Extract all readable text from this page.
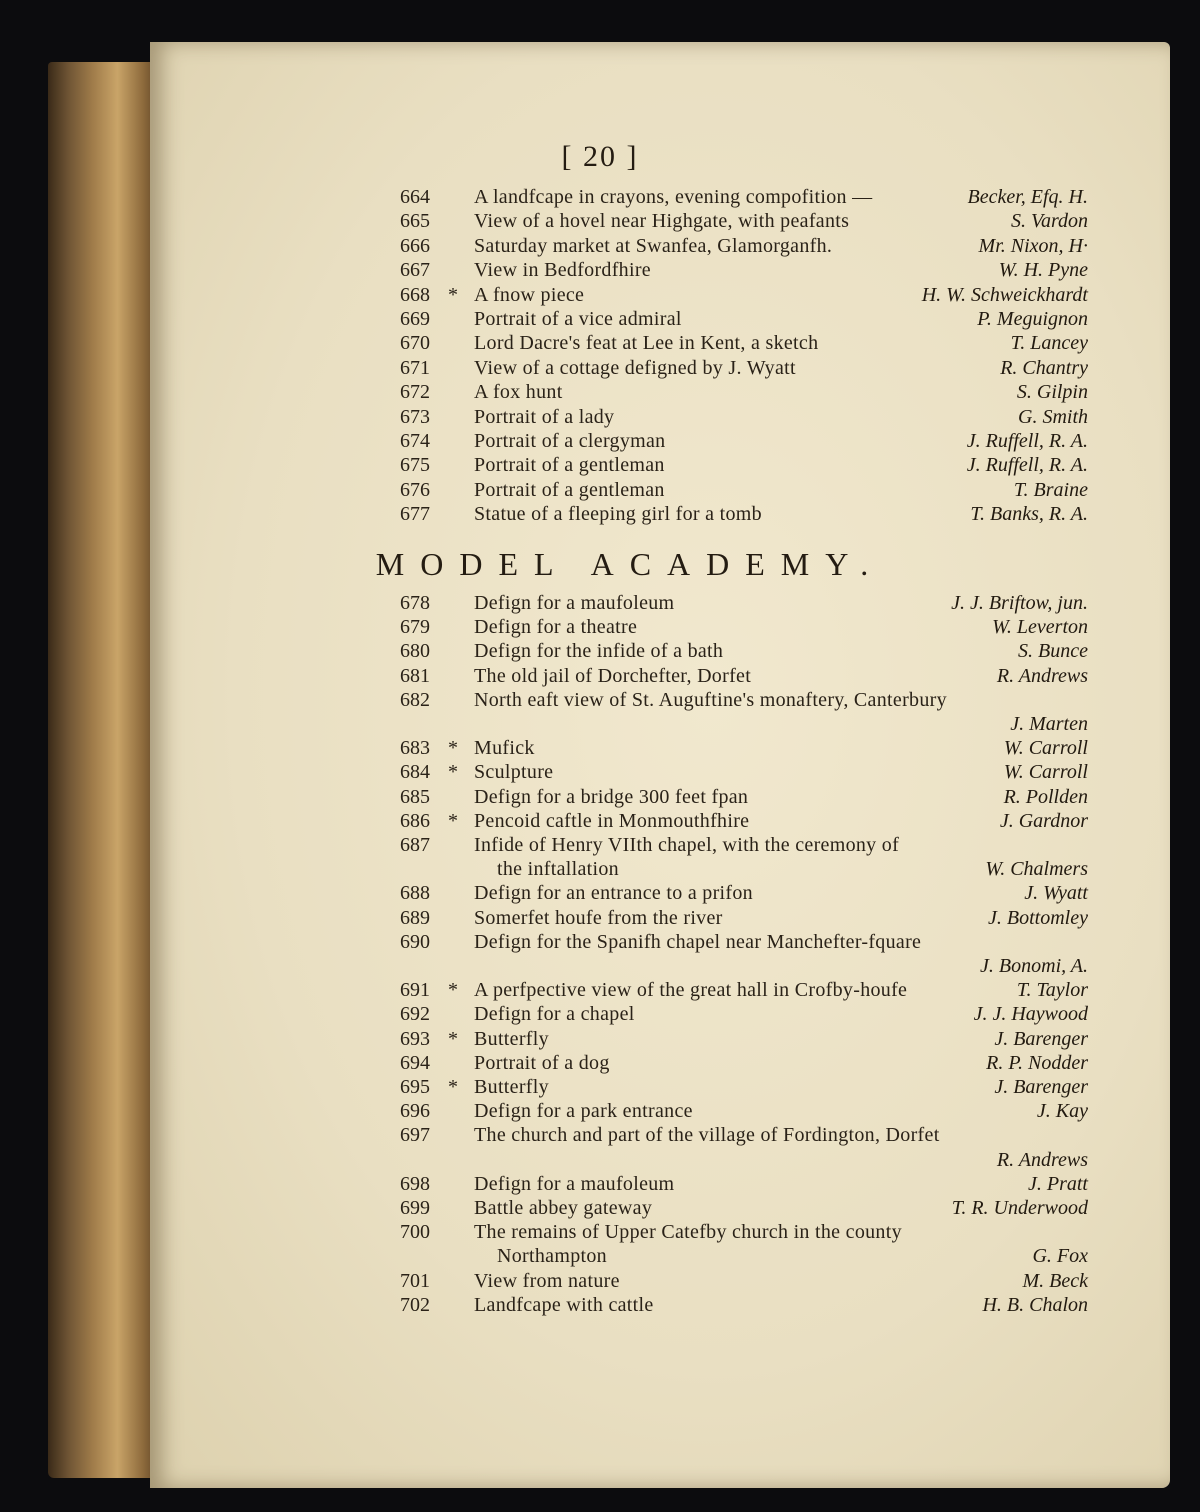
[ 20 ]
664 A landfcape in crayons, evening compofition —	Becker, Efq. H.
665 View of a hovel near Highgate, with peafants	S. Vardon
666 Saturday market at Swanfea, Glamorganfh.	Mr. Nixon, H·
667 View in Bedfordfhire	W. H. Pyne
668 * A fnow piece	H. W. Schweickhardt
669 Portrait of a vice admiral	P. Meguignon
670 Lord Dacre's feat at Lee in Kent, a sketch	T. Lancey
671 View of a cottage defigned by J. Wyatt	R. Chantry
672 A fox hunt	S. Gilpin
673 Portrait of a lady	G. Smith
674 Portrait of a clergyman	J. Ruffell, R. A.
675 Portrait of a gentleman	J. Ruffell, R. A.
676 Portrait of a gentleman	T. Braine
677 Statue of a fleeping girl for a tomb	T. Banks, R. A.
MODEL ACADEMY.
678 Defign for a maufoleum	J. J. Briftow, jun.
679 Defign for a theatre	W. Leverton
680 Defign for the infide of a bath	S. Bunce
681 The old jail of Dorchefter, Dorfet	R. Andrews
682 North eaft view of St. Auguftine's monaftery, Canterbury
J. Marten
683 * Mufick	W. Carroll
684 * Sculpture	W. Carroll
685 Defign for a bridge 300 feet fpan	R. Pollden
686 * Pencoid caftle in Monmouthfhire	J. Gardnor
687 Infide of Henry VIIth chapel, with the ceremony of
the inftallation	W. Chalmers
688 Defign for an entrance to a prifon	J. Wyatt
689 Somerfet houfe from the river	J. Bottomley
690 Defign for the Spanifh chapel near Manchefter-fquare
J. Bonomi, A.
691 * A perfpective view of the great hall in Crofby-houfe	T. Taylor
692 Defign for a chapel	J. J. Haywood
693 * Butterfly	J. Barenger
694 Portrait of a dog	R. P. Nodder
695 * Butterfly	J. Barenger
696 Defign for a park entrance	J. Kay
697 The church and part of the village of Fordington, Dorfet
R. Andrews
698 Defign for a maufoleum	J. Pratt
699 Battle abbey gateway	T. R. Underwood
700 The remains of Upper Catefby church in the county
Northampton	G. Fox
701 View from nature	M. Beck
702 Landfcape with cattle	H. B. Chalon
